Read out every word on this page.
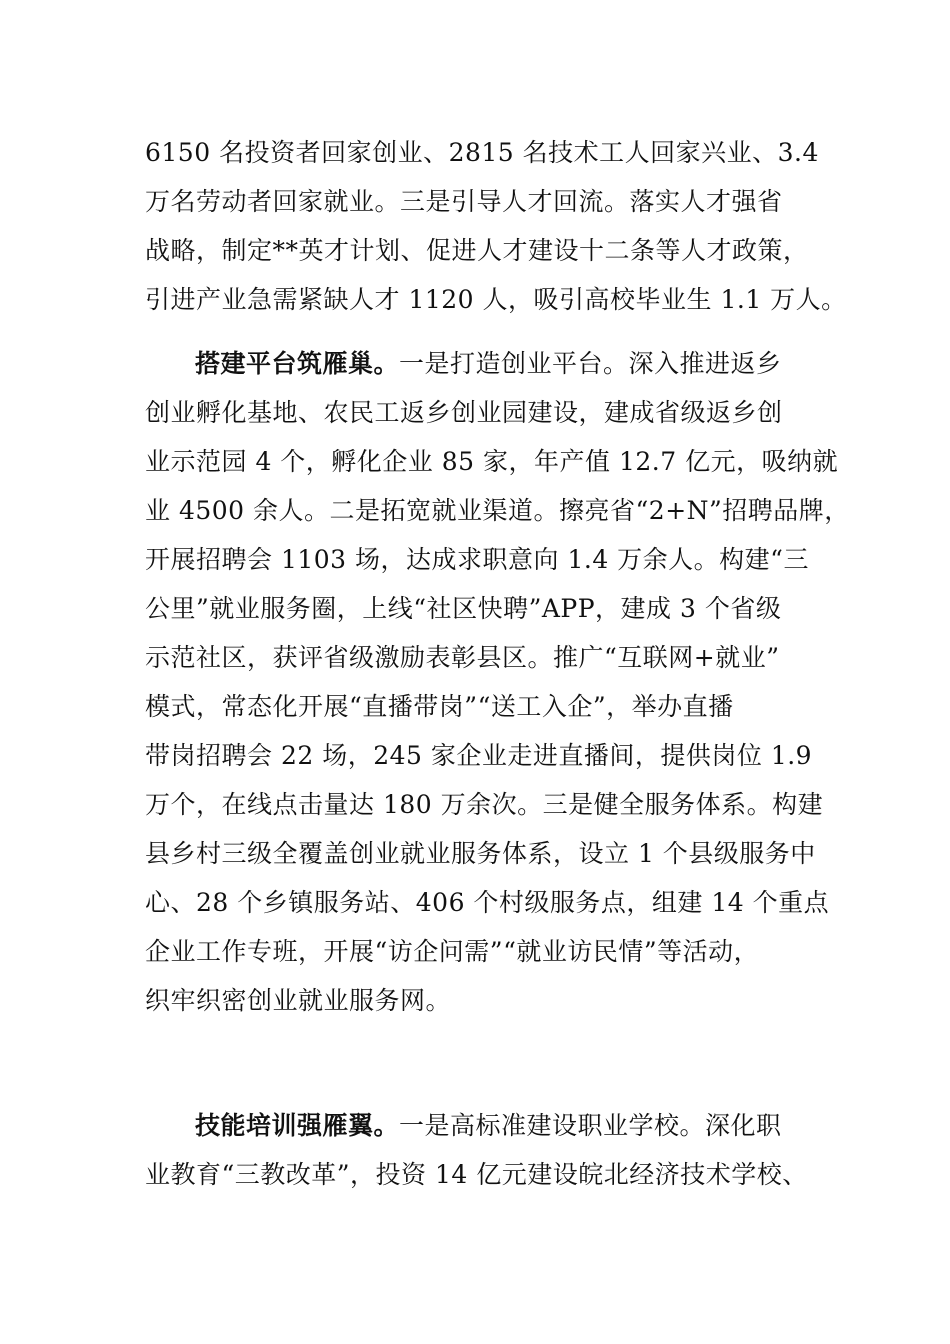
6150 名投资者回家创业、2815 名技术工人回家兴业、3.4
万名劳动者回家就业。三是引导人才回流。落实人才强省
战略，制定**英才计划、促进人才建设十二条等人才政策，
引进产业急需紧缺人才 1120 人，吸引高校毕业生 1.1 万人。
搭建平台筑雁巢。一是打造创业平台。深入推进返乡
创业孵化基地、农民工返乡创业园建设，建成省级返乡创
业示范园 4 个，孵化企业 85 家，年产值 12.7 亿元，吸纳就
业 4500 余人。二是拓宽就业渠道。擦亮省“2+N”招聘品牌，
开展招聘会 1103 场，达成求职意向 1.4 万余人。构建“三
公里”就业服务圈，上线“社区快聘”APP，建成 3 个省级
示范社区，获评省级激励表彰县区。推广“互联网+就业”
模式，常态化开展“直播带岗”“送工入企”，举办直播
带岗招聘会 22 场，245 家企业走进直播间，提供岗位 1.9
万个，在线点击量达 180 万余次。三是健全服务体系。构建
县乡村三级全覆盖创业就业服务体系，设立 1 个县级服务中
心、28 个乡镇服务站、406 个村级服务点，组建 14 个重点
企业工作专班，开展“访企问需”“就业访民情”等活动，
织牢织密创业就业服务网。
技能培训强雁翼。一是高标准建设职业学校。深化职
业教育“三教改革”，投资 14 亿元建设皖北经济技术学校、
